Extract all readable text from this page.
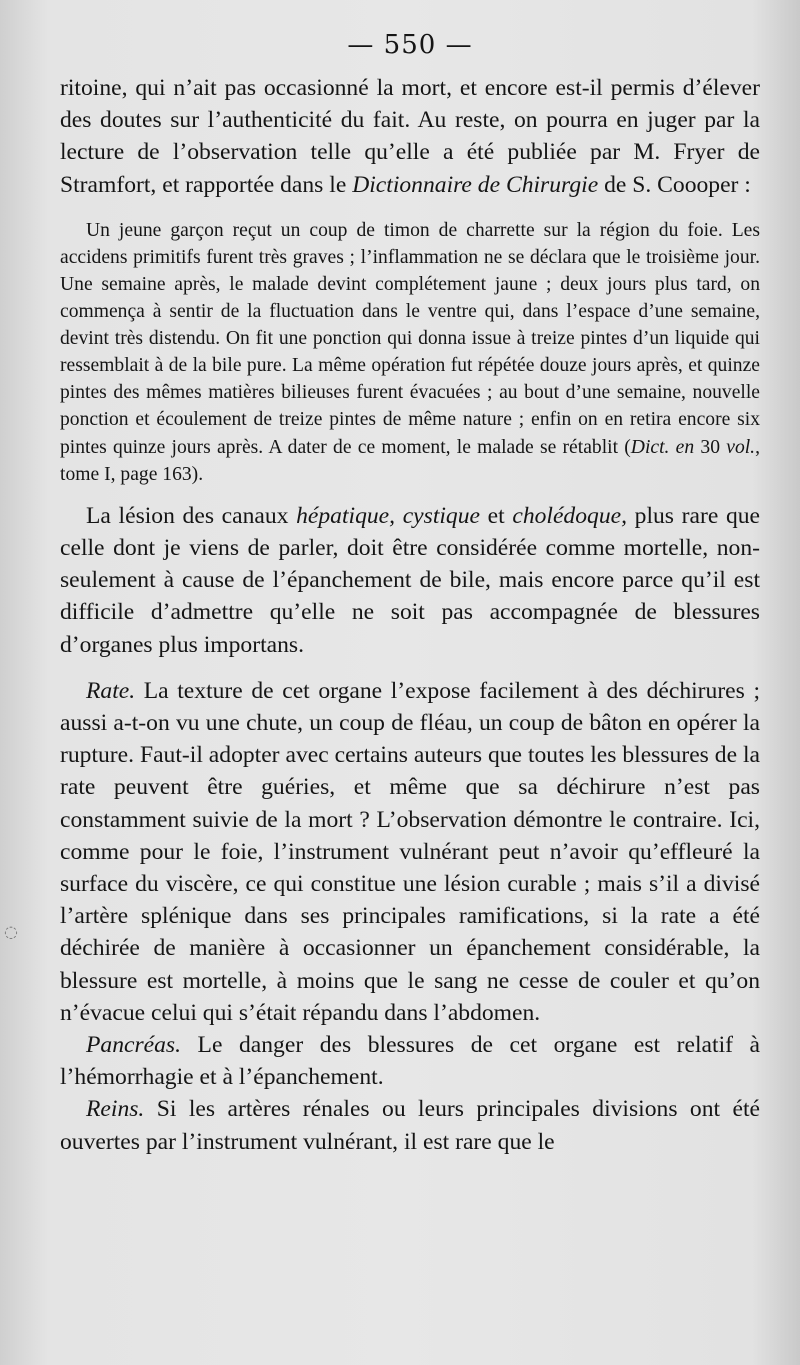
◌
— 550 —

ritoine, qui n’ait pas occasionné la mort, et encore est-il permis d’élever des doutes sur l’authenticité du fait. Au reste, on pourra en juger par la lecture de l’observation telle qu’elle a été publiée par M. Fryer de Stramfort, et rapportée dans le Dictionnaire de Chirurgie de S. Coooper :

Un jeune garçon reçut un coup de timon de charrette sur la région du foie. Les accidens primitifs furent très graves ; l’inflammation ne se déclara que le troisième jour. Une semaine après, le malade devint complétement jaune ; deux jours plus tard, on commença à sentir de la fluctuation dans le ventre qui, dans l’espace d’une semaine, devint très distendu. On fit une ponction qui donna issue à treize pintes d’un liquide qui ressemblait à de la bile pure. La même opération fut répétée douze jours après, et quinze pintes des mêmes matières bilieuses furent évacuées ; au bout d’une semaine, nouvelle ponction et écoulement de treize pintes de même nature ; enfin on en retira encore six pintes quinze jours après. A dater de ce moment, le malade se rétablit (Dict. en 30 vol., tome I, page 163).

La lésion des canaux hépatique, cystique et cholédoque, plus rare que celle dont je viens de parler, doit être considérée comme mortelle, non-seulement à cause de l’épanchement de bile, mais encore parce qu’il est difficile d’admettre qu’elle ne soit pas accompagnée de blessures d’organes plus importans.

Rate. La texture de cet organe l’expose facilement à des déchirures ; aussi a-t-on vu une chute, un coup de fléau, un coup de bâton en opérer la rupture. Faut-il adopter avec certains auteurs que toutes les blessures de la rate peuvent être guéries, et même que sa déchirure n’est pas constamment suivie de la mort ? L’observation démontre le contraire. Ici, comme pour le foie, l’instrument vulnérant peut n’avoir qu’effleuré la surface du viscère, ce qui constitue une lésion curable ; mais s’il a divisé l’artère splénique dans ses principales ramifications, si la rate a été déchirée de manière à occasionner un épanchement considérable, la blessure est mortelle, à moins que le sang ne cesse de couler et qu’on n’évacue celui qui s’était répandu dans l’abdomen.

Pancréas. Le danger des blessures de cet organe est relatif à l’hémorrhagie et à l’épanchement.

Reins. Si les artères rénales ou leurs principales divisions ont été ouvertes par l’instrument vulnérant, il est rare que le
